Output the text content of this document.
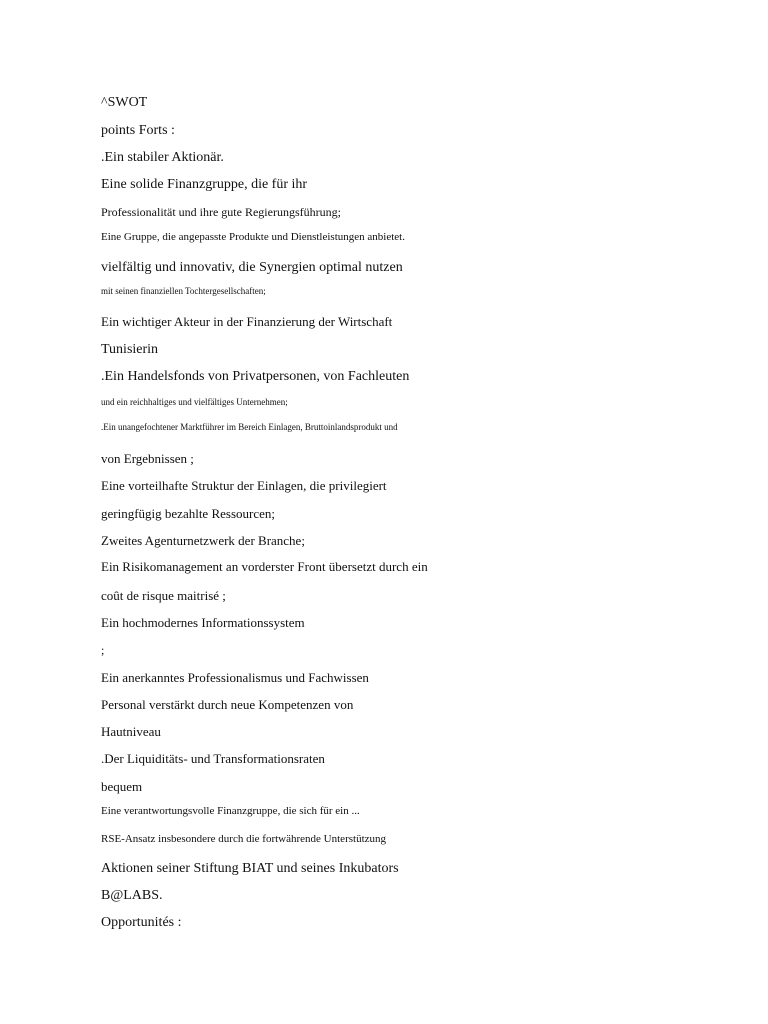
^SWOT
points Forts :
.Ein stabiler Aktionär.
Eine solide Finanzgruppe, die für ihr
Professionalität und ihre gute Regierungsführung;
Eine Gruppe, die angepasste Produkte und Dienstleistungen anbietet.
vielfältig und innovativ, die Synergien optimal nutzen
mit seinen finanziellen Tochtergesellschaften;
Ein wichtiger Akteur in der Finanzierung der Wirtschaft
Tunisierin
.Ein Handelsfonds von Privatpersonen, von Fachleuten
und ein reichhaltiges und vielfältiges Unternehmen;
.Ein unangefochtener Marktführer im Bereich Einlagen, Bruttoinlandsprodukt und
von Ergebnissen ;
Eine vorteilhafte Struktur der Einlagen, die privilegiert
geringfügig bezahlte Ressourcen;
Zweites Agenturnetzwerk der Branche;
Ein Risikomanagement an vorderster Front übersetzt durch ein
coût de risque maitrisé ;
Ein hochmodernes Informationssystem
;
Ein anerkanntes Professionalismus und Fachwissen
Personal verstärkt durch neue Kompetenzen von
Hautniveau
.Der Liquiditäts- und Transformationsraten
bequem
Eine verantwortungsvolle Finanzgruppe, die sich für ein ...
RSE-Ansatz insbesondere durch die fortwährende Unterstützung
Aktionen seiner Stiftung BIAT und seines Inkubators
B@LABS.
Opportunités :
